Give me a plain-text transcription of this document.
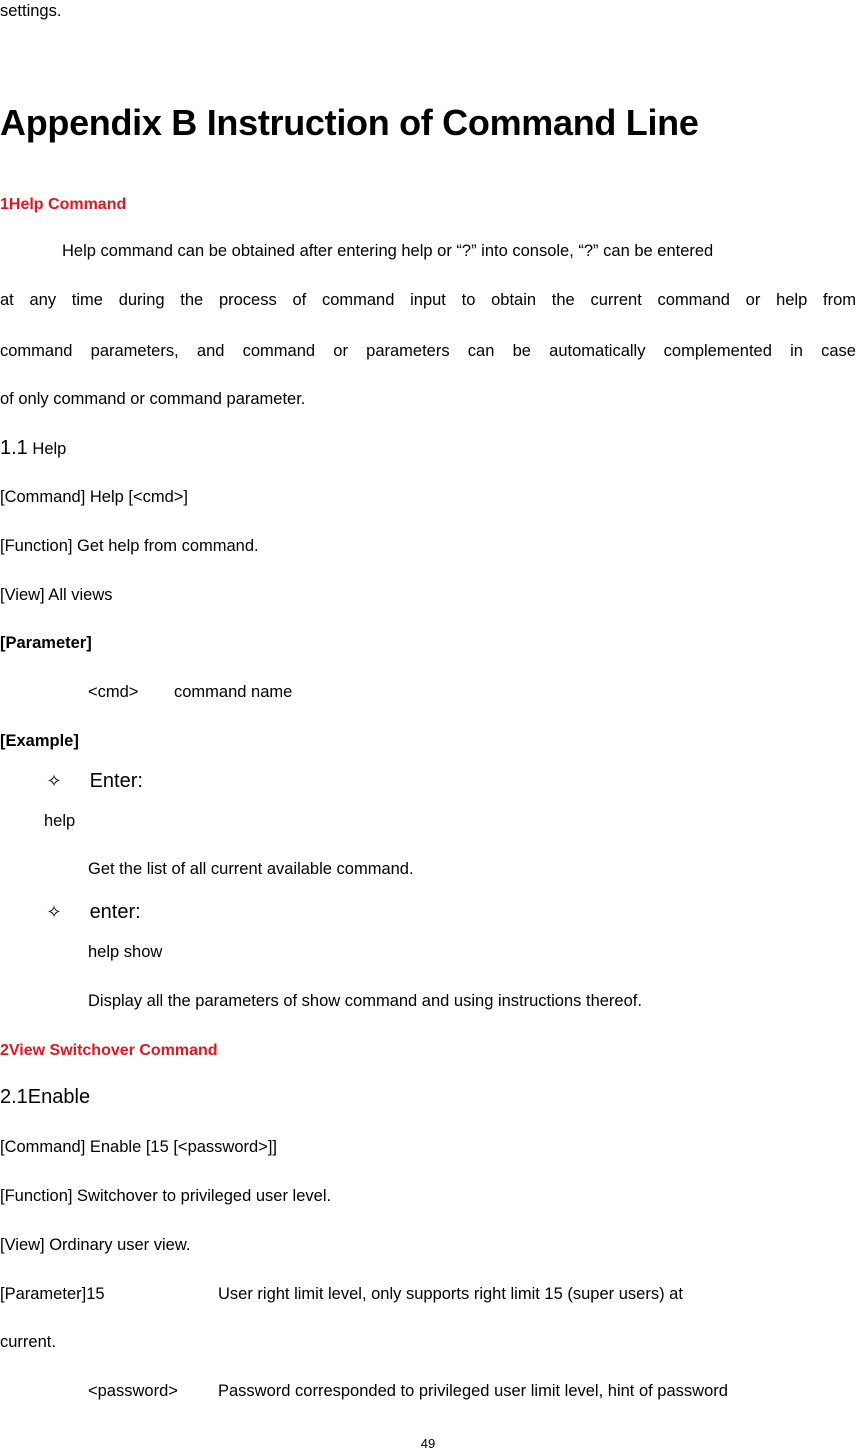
settings.
Appendix B Instruction of Command Line
1Help Command
Help command can be obtained after entering help or “?” into console, “?” can be entered
at any time during the process of command input to obtain the current command or help from
command parameters, and command or parameters can be automatically complemented in case
of only command or command parameter.
1.1 Help
[Command] Help [<cmd>]
[Function] Get help from command.
[View] All views
[Parameter]
<cmd> command name
[Example]
✧ Enter:
help
Get the list of all current available command.
✧ enter:
help show
Display all the parameters of show command and using instructions thereof.
2View Switchover Command
2.1Enable
[Command] Enable [15 [<password>]]
[Function] Switchover to privileged user level.
[View] Ordinary user view.
[Parameter]15	User right limit level, only supports right limit 15 (super users) at
current.
<password> Password corresponded to privileged user limit level, hint of password
49
